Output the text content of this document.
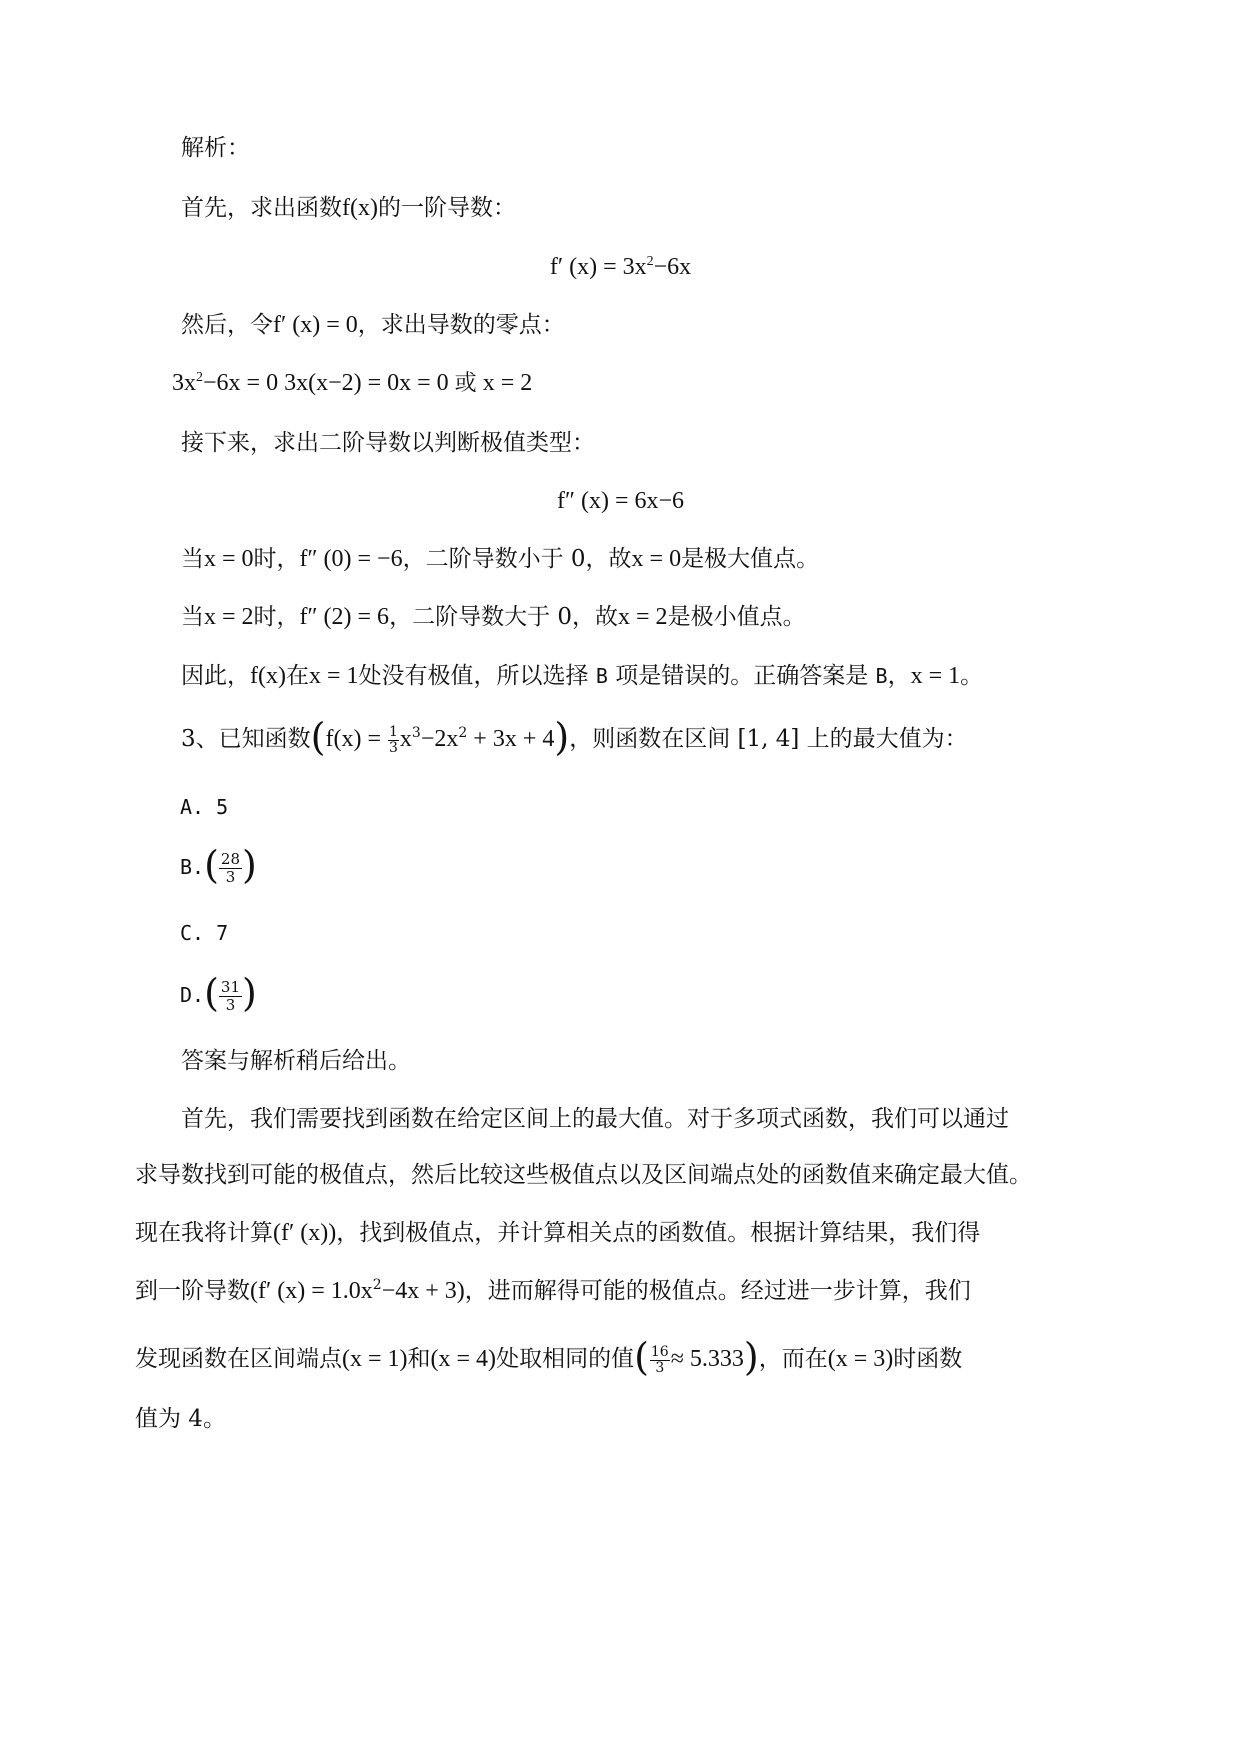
解析：
首先，求出函数f(x)的一阶导数：
f′ $(x) = 3x^2-6x$
然后，令f′ (x) = 0，求出导数的零点：
$3x^2-6x = 0$ 3x(x−2) = 0x = 0 或 x = 2
接下来，求出二阶导数以判断极值类型：
f″ (x) = 6x−6
当x = 0时，f″ (0) = −6，二阶导数小于 0，故x = 0是极大值点。
当x = 2时，f″ (2) = 6，二阶导数大于 0，故x = 2是极小值点。
因此，f(x)在x = 1处没有极值，所以选择 B 项是错误的。正确答案是 B，x = 1。
3、已知函数$(f(x) = \frac{1}{3} x^3-2x^2 + 3x + 4)$，则函数在区间 [1, 4] 上的最大值为：
A. 5
$B.( \frac{28}{3}$ )
C. 7
$D.( \frac{31}{3}$ )
答案与解析稍后给出。
首先，我们需要找到函数在给定区间上的最大值。对于多项式函数，我们可以通过
求导数找到可能的极值点，然后比较这些极值点以及区间端点处的函数值来确定最大值。
现在我将计算(f′ (x))，找到极值点，并计算相关点的函数值。根据计算结果，我们得
到一阶导数(f′ $(x) = 1.0x^2-4x + 3$)，进而解得可能的极值点。经过进一步计算，我们
发现函数在区间端点(x = 1)和(x = 4)处取相同的值( $\frac{16}{3} \approx 5.333$)，而在(x = 3)时函数
值为 4。
